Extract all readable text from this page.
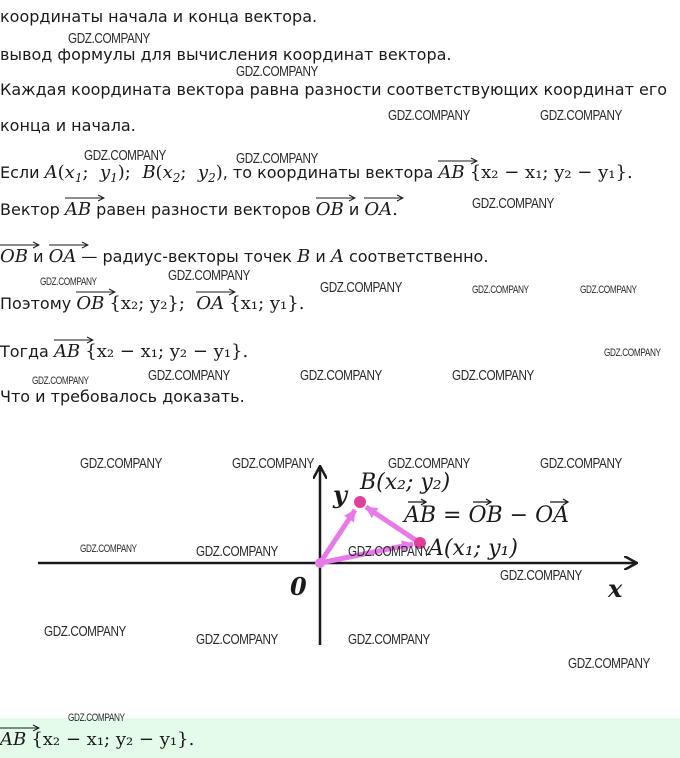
координаты начала и конца вектора.
вывод формулы для вычисления координат вектора.
Каждая координата вектора равна разности соответствующих координат его
конца и начала.
Если $A(x_1$;  $y_1$);  $B(x_2$;  $y_2$), то координаты вектора AB {x₂ − x₁; y₂ − y₁}.
Вектор AB
равен разности векторов OB
и OA
.
OB
и OA
— радиус-векторы точек B и A соответственно.
Поэтому OB {x₂; y₂};  OA {x₁; y₁}.
Тогда AB {x₂ − x₁; y₂ − y₁}.
Что и требовалось доказать.
y
x
0
B(x₂; y₂)
A(x₁; y₁)
AB = OB − OA
AB {x₂ − x₁; y₂ − y₁}.
GDZ.COMPANY
GDZ.COMPANY
GDZ.COMPANY	GDZ.COMPANY
GDZ.COMPANY	GDZ.COMPANY
GDZ.COMPANY
GDZ.COMPANY	GDZ.COMPANY
GDZ.COMPANY	GDZ.COMPANY	GDZ.COMPANY
GDZ.COMPANY
GDZ.COMPANY	GDZ.COMPANY	GDZ.COMPANY	GDZ.COMPANY
GDZ.COMPANY	GDZ.COMPANY	GDZ.COMPANY	GDZ.COMPANY
GDZ.COMPANY	GDZ.COMPANY	GDZ.COMPANY
GDZ.COMPANY
GDZ.COMPANY	GDZ.COMPANY	GDZ.COMPANY
GDZ.COMPANY
GDZ.COMPANY
